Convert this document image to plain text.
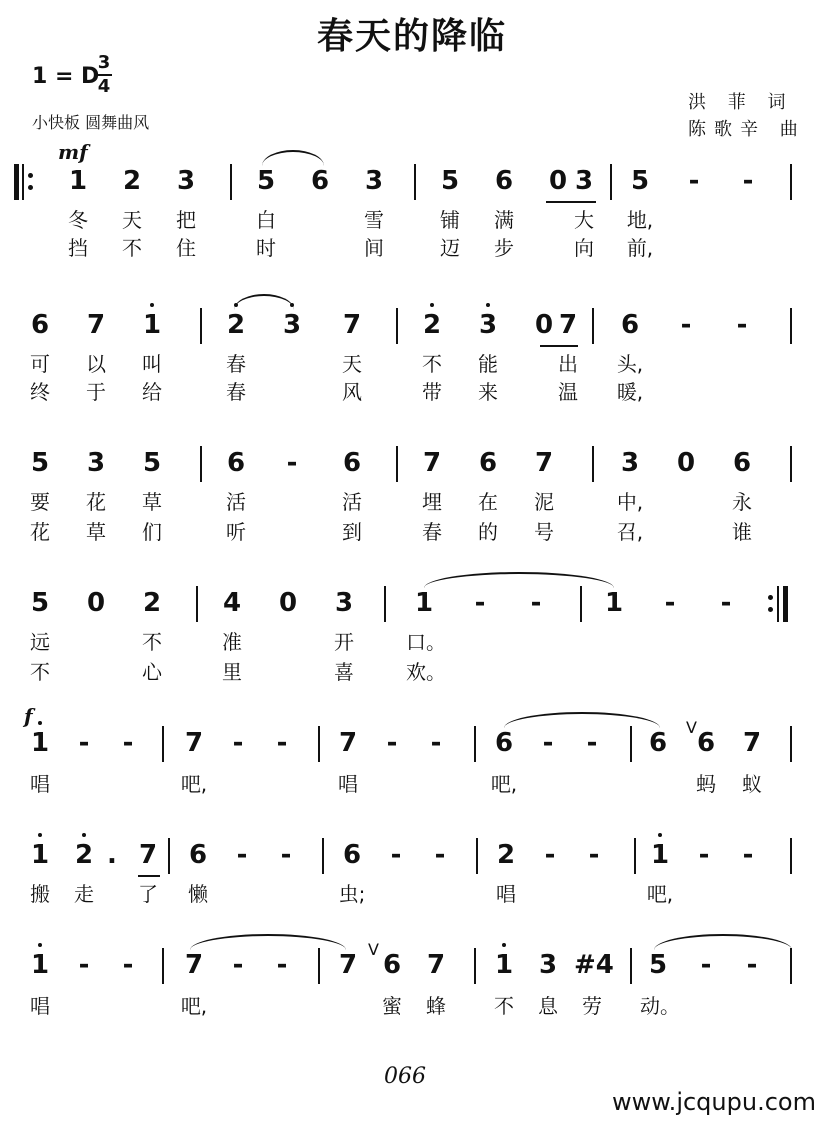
春天的降临
1 = D
3
4
小快板 圆舞曲风
洪 菲 词
陈歌辛 曲
mf
f
1	2	3	5	6	3	5	6	0 3	5	-	-
6	7	1	2	3	7	2	3	0 7	6	-	-
5	3	5	6	-	6	7	6	7	3	0	6
5	0	2	4	0	3	1	-	-	1	-	-
1	-	-	7	-	-	7	-	-	6	-	-	6	6	7
V
1 2 . 7	6	-	-	6	-	-	2	-	-	1	-	-
1	-	-	7	-	-	7 6 7	1 3 #4	5	-	-
V
066
www.jcqupu.com
冬	天	把	白	雪	铺	满	大	地,
挡	不	住	时	间	迈	步	向	前,
可	以	叫	春	天	不	能	出	头,
终	于	给	春	风	带	来	温	暖,
要	花	草	活	活	埋	在	泥	中,	永
花	草	们	听	到	春	的	号	召,	谁
远	不	准	开	口。
不	心	里	喜	欢。
唱	吧,	唱	吧,	蚂	蚁
搬	走	了	懒	虫;	唱	吧,
唱	吧,	蜜	蜂	不	息	劳	动。
